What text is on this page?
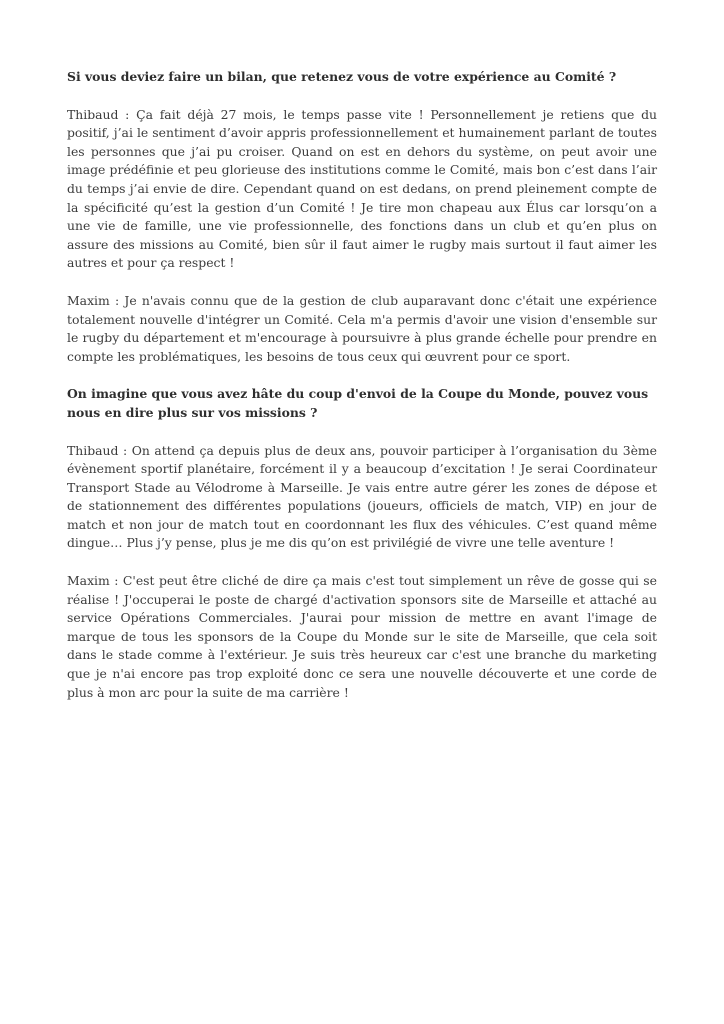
Si vous deviez faire un bilan, que retenez vous de votre expérience au Comité ?

Thibaud : Ça fait déjà 27 mois, le temps passe vite ! Personnellement je retiens que du positif, j’ai le sentiment d’avoir appris professionnellement et humainement parlant de toutes les personnes que j’ai pu croiser. Quand on est en dehors du système, on peut avoir une image prédéfinie et peu glorieuse des institutions comme le Comité, mais bon c’est dans l’air du temps j’ai envie de dire. Cependant quand on est dedans, on prend pleinement compte de la spécificité qu’est la gestion d’un Comité ! Je tire mon chapeau aux Élus car lorsqu’on a une vie de famille, une vie professionnelle, des fonctions dans un club et qu’en plus on assure des missions au Comité, bien sûr il faut aimer le rugby mais surtout il faut aimer les autres et pour ça respect !

Maxim : Je n'avais connu que de la gestion de club auparavant donc c'était une expérience totalement nouvelle d'intégrer un Comité. Cela m'a permis d'avoir une vision d'ensemble sur le rugby du département et m'encourage à poursuivre à plus grande échelle pour prendre en compte les problématiques, les besoins de tous ceux qui œuvrent pour ce sport.

On imagine que vous avez hâte du coup d'envoi de la Coupe du Monde, pouvez vous nous en dire plus sur vos missions ?

Thibaud : On attend ça depuis plus de deux ans, pouvoir participer à l’organisation du 3ème évènement sportif planétaire, forcément il y a beaucoup d’excitation ! Je serai Coordinateur Transport Stade au Vélodrome à Marseille. Je vais entre autre gérer les zones de dépose et de stationnement des différentes populations (joueurs, officiels de match, VIP) en jour de match et non jour de match tout en coordonnant les flux des véhicules. C’est quand même dingue… Plus j’y pense, plus je me dis qu’on est privilégié de vivre une telle aventure !

Maxim : C'est peut être cliché de dire ça mais c'est tout simplement un rêve de gosse qui se réalise ! J'occuperai le poste de chargé d'activation sponsors site de Marseille et attaché au service Opérations Commerciales. J'aurai pour mission de mettre en avant l'image de marque de tous les sponsors de la Coupe du Monde sur le site de Marseille, que cela soit dans le stade comme à l'extérieur. Je suis très heureux car c'est une branche du marketing que je n'ai encore pas trop exploité donc ce sera une nouvelle découverte et une corde de plus à mon arc pour la suite de ma carrière !
